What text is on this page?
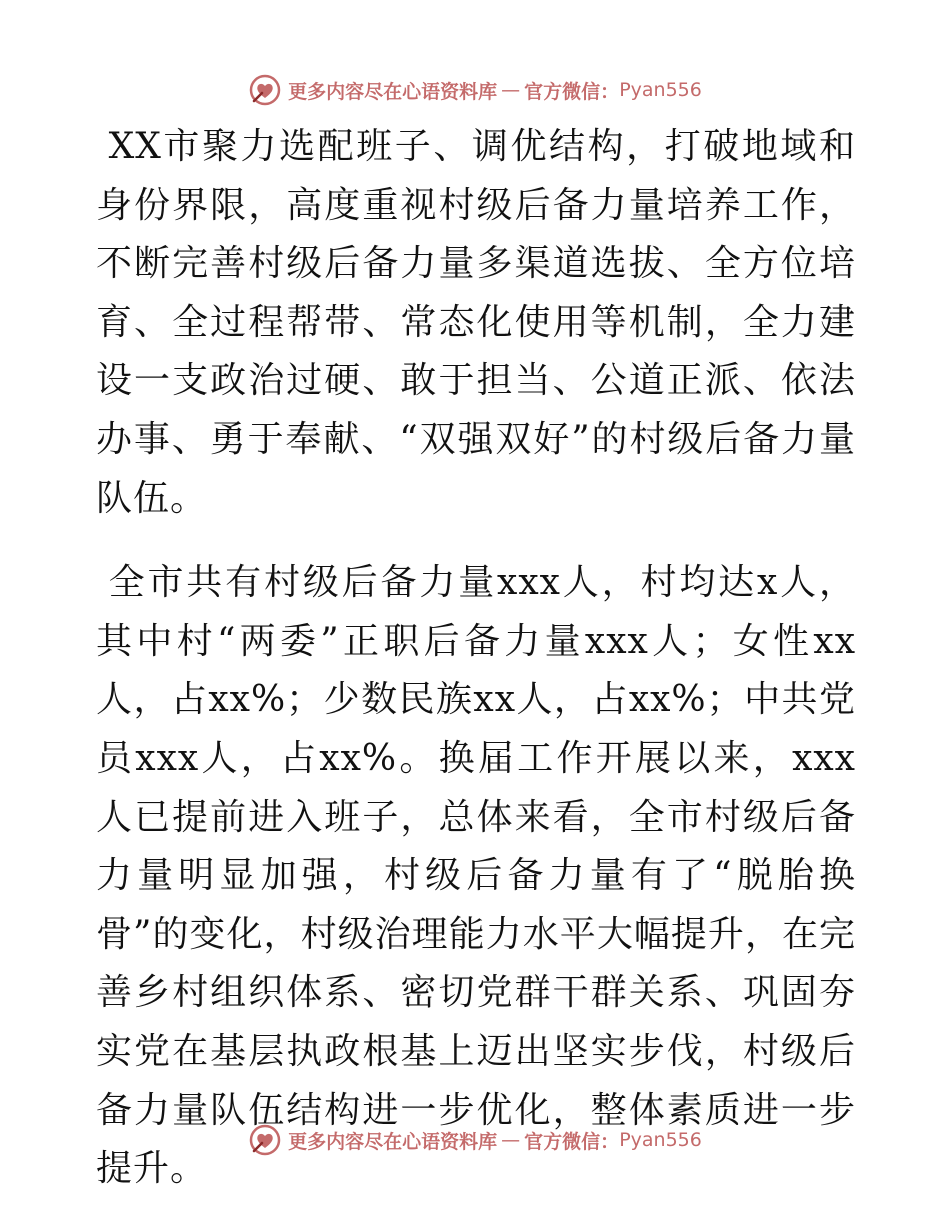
更多内容尽在心语资料库 — 官方微信： Pyan556

XX市聚力选配班子、调优结构，打破地域和身份界限，高度重视村级后备力量培养工作，不断完善村级后备力量多渠道选拔、全方位培育、全过程帮带、常态化使用等机制，全力建设一支政治过硬、敢于担当、公道正派、依法办事、勇于奉献、“双强双好”的村级后备力量队伍。

全市共有村级后备力量xxx人，村均达x人，其中村“两委”正职后备力量xxx人；女性xx人，占xx%；少数民族xx人，占xx%；中共党员xxx人，占xx%。换届工作开展以来，xxx人已提前进入班子，总体来看，全市村级后备力量明显加强，村级后备力量有了“脱胎换骨”的变化，村级治理能力水平大幅提升，在完善乡村组织体系、密切党群干群关系、巩固夯实党在基层执政根基上迈出坚实步伐，村级后备力量队伍结构进一步优化，整体素质进一步提升。

更多内容尽在心语资料库 — 官方微信： Pyan556
